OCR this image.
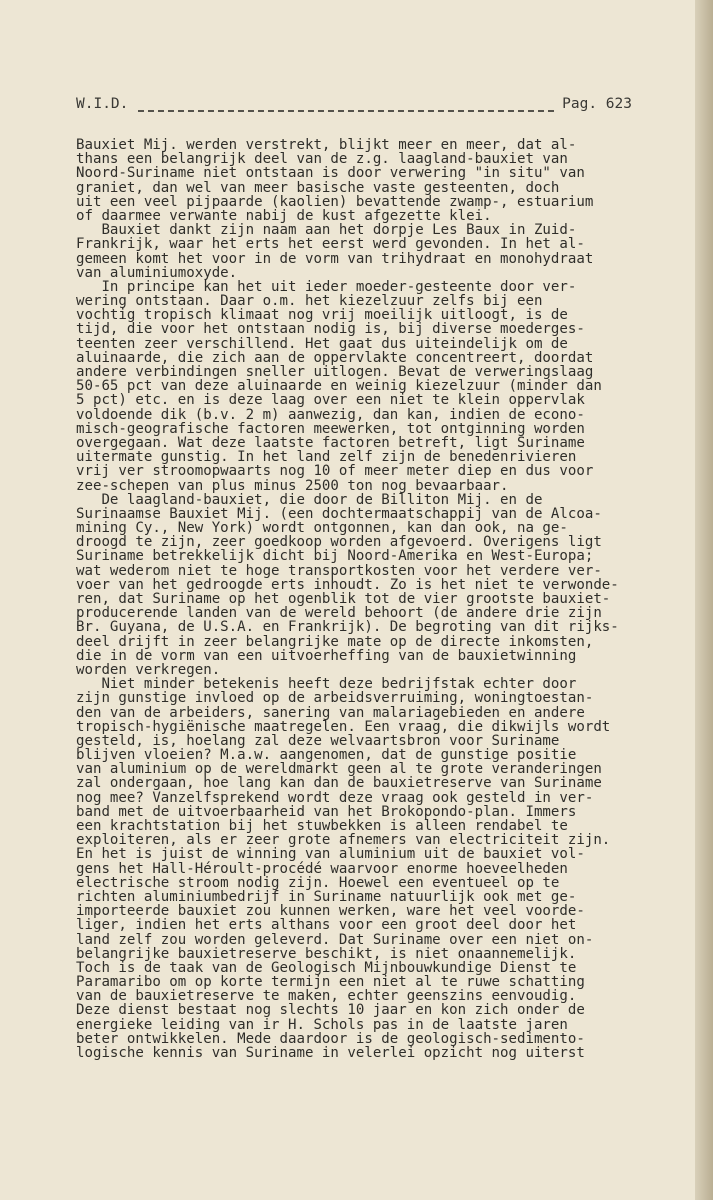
W.I.D.	Pag. 623
Bauxiet Mij. werden verstrekt, blijkt meer en meer, dat al-
thans een belangrijk deel van de z.g. laagland-bauxiet van
Noord-Suriname niet ontstaan is door verwering "in situ" van
graniet, dan wel van meer basische vaste gesteenten, doch
uit een veel pijpaarde (kaolien) bevattende zwamp-, estuarium
of daarmee verwante nabij de kust afgezette klei.
Bauxiet dankt zijn naam aan het dorpje Les Baux in Zuid-
Frankrijk, waar het erts het eerst werd gevonden. In het al-
gemeen komt het voor in de vorm van trihydraat en monohydraat
van aluminiumoxyde.
In principe kan het uit ieder moeder-gesteente door ver-
wering ontstaan. Daar o.m. het kiezelzuur zelfs bij een
vochtig tropisch klimaat nog vrij moeilijk uitloogt, is de
tijd, die voor het ontstaan nodig is, bij diverse moederges-
teenten zeer verschillend. Het gaat dus uiteindelijk om de
aluinaarde, die zich aan de oppervlakte concentreert, doordat
andere verbindingen sneller uitlogen. Bevat de verweringslaag
50-65 pct van deze aluinaarde en weinig kiezelzuur (minder dan
5 pct) etc. en is deze laag over een niet te klein oppervlak
voldoende dik (b.v. 2 m) aanwezig, dan kan, indien de econo-
misch-geografische factoren meewerken, tot ontginning worden
overgegaan. Wat deze laatste factoren betreft, ligt Suriname
uitermate gunstig. In het land zelf zijn de benedenrivieren
vrij ver stroomopwaarts nog 10 of meer meter diep en dus voor
zee-schepen van plus minus 2500 ton nog bevaarbaar.
De laagland-bauxiet, die door de Billiton Mij. en de
Surinaamse Bauxiet Mij. (een dochtermaatschappij van de Alcoa-
mining Cy., New York) wordt ontgonnen, kan dan ook, na ge-
droogd te zijn, zeer goedkoop worden afgevoerd. Overigens ligt
Suriname betrekkelijk dicht bij Noord-Amerika en West-Europa;
wat wederom niet te hoge transportkosten voor het verdere ver-
voer van het gedroogde erts inhoudt. Zo is het niet te verwonde-
ren, dat Suriname op het ogenblik tot de vier grootste bauxiet-
producerende landen van de wereld behoort (de andere drie zijn
Br. Guyana, de U.S.A. en Frankrijk). De begroting van dit rijks-
deel drijft in zeer belangrijke mate op de directe inkomsten,
die in de vorm van een uitvoerheffing van de bauxietwinning
worden verkregen.
Niet minder betekenis heeft deze bedrijfstak echter door
zijn gunstige invloed op de arbeidsverruiming, woningtoestan-
den van de arbeiders, sanering van malariagebieden en andere
tropisch-hygiënische maatregelen. Een vraag, die dikwijls wordt
gesteld, is, hoelang zal deze welvaartsbron voor Suriname
blijven vloeien? M.a.w. aangenomen, dat de gunstige positie
van aluminium op de wereldmarkt geen al te grote veranderingen
zal ondergaan, hoe lang kan dan de bauxietreserve van Suriname
nog mee? Vanzelfsprekend wordt deze vraag ook gesteld in ver-
band met de uitvoerbaarheid van het Brokopondo-plan. Immers
een krachtstation bij het stuwbekken is alleen rendabel te
exploiteren, als er zeer grote afnemers van electriciteit zijn.
En het is juist de winning van aluminium uit de bauxiet vol-
gens het Hall-Héroult-procédé waarvoor enorme hoeveelheden
electrische stroom nodig zijn. Hoewel een eventueel op te
richten aluminiumbedrijf in Suriname natuurlijk ook met ge-
importeerde bauxiet zou kunnen werken, ware het veel voorde-
liger, indien het erts althans voor een groot deel door het
land zelf zou worden geleverd. Dat Suriname over een niet on-
belangrijke bauxietreserve beschikt, is niet onaannemelijk.
Toch is de taak van de Geologisch Mijnbouwkundige Dienst te
Paramaribo om op korte termijn een niet al te ruwe schatting
van de bauxietreserve te maken, echter geenszins eenvoudig.
Deze dienst bestaat nog slechts 10 jaar en kon zich onder de
energieke leiding van ir H. Schols pas in de laatste jaren
beter ontwikkelen. Mede daardoor is de geologisch-sedimento-
logische kennis van Suriname in velerlei opzicht nog uiterst
